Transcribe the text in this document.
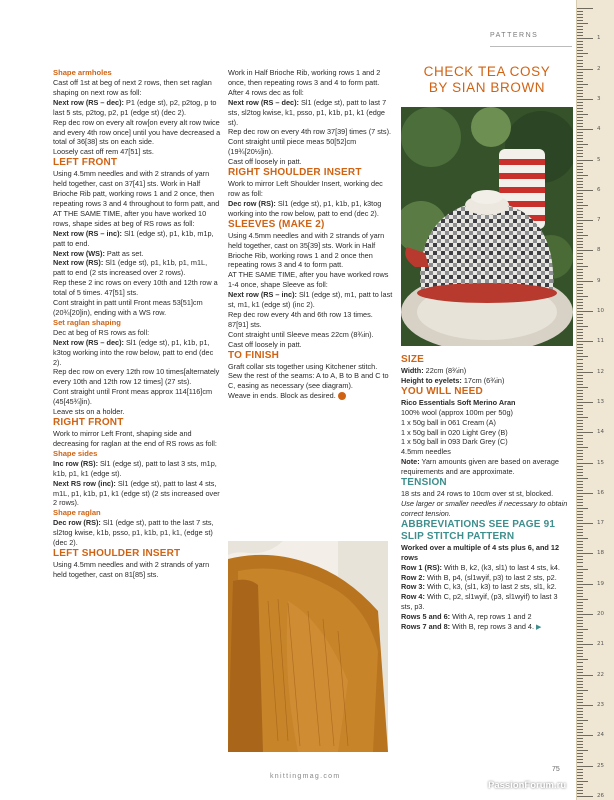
PATTERNS

Shape armholes

Cast off 1st at beg of next 2 rows, then set raglan shaping on next row as foll:

Next row (RS – dec): P1 (edge st), p2, p2tog, p to last 5 sts, p2tog, p2, p1 (edge st) (dec 2).

Rep dec row on every alt row[on every alt row twice and every 4th row once] until you have decreased a total of 36[38] sts on each side.

Loosely cast off rem 47[51] sts.

LEFT FRONT

Using 4.5mm needles and with 2 strands of yarn held together, cast on 37[41] sts. Work in Half Brioche Rib patt, working rows 1 and 2 once, then repeating rows 3 and 4 throughout to form patt, and AT THE SAME TIME, after you have worked 10 rows, shape sides at beg of RS rows as foll:

Next row (RS – inc): Sl1 (edge st), p1, k1b, m1p, patt to end.

Next row (WS): Patt as set.

Next row (RS): Sl1 (edge st), p1, k1b, p1, m1L, patt to end (2 sts increased over 2 rows).

Rep these 2 inc rows on every 10th and 12th row a total of 5 times. 47[51] sts.

Cont straight in patt until Front meas 53[51]cm (20¾[20]in), ending with a WS row.

Set raglan shaping

Dec at beg of RS rows as foll:

Next row (RS – dec): Sl1 (edge st), p1, k1b, p1, k3tog working into the row below, patt to end (dec 2).

Rep dec row on every 12th row 10 times[alternately every 10th and 12th row 12 times] (27 sts).

Cont straight until Front meas approx 114[116]cm (45[45¾]in).

Leave sts on a holder.

RIGHT FRONT

Work to mirror Left Front, shaping side and decreasing for raglan at the end of RS rows as foll:

Shape sides

Inc row (RS): Sl1 (edge st), patt to last 3 sts, m1p, k1b, p1, k1 (edge st).

Next RS row (inc): Sl1 (edge st), patt to last 4 sts, m1L, p1, k1b, p1, k1 (edge st) (2 sts increased over 2 rows).

Shape raglan

Dec row (RS): Sl1 (edge st), patt to the last 7 sts, sl2tog kwise, k1b, psso, p1, k1b, p1, k1, (edge st) (dec 2).

LEFT SHOULDER INSERT

Using 4.5mm needles and with 2 strands of yarn held together, cast on 81[85] sts.

Work in Half Brioche Rib, working rows 1 and 2 once, then repeating rows 3 and 4 to form patt.

After 4 rows dec as foll:

Next row (RS – dec): Sl1 (edge st), patt to last 7 sts, sl2tog kwise, k1, psso, p1, k1b, p1, k1 (edge st).

Rep dec row on every 4th row 37[39] times (7 sts).

Cont straight until piece meas 50[52]cm (19¾[20½]in).

Cast off loosely in patt.

RIGHT SHOULDER INSERT

Work to mirror Left Shoulder Insert, working dec row as foll:

Dec row (RS): Sl1 (edge st), p1, k1b, p1, k3tog working into the row below, patt to end (dec 2).

SLEEVES (MAKE 2)

Using 4.5mm needles and with 2 strands of yarn held together, cast on 35[39] sts. Work in Half Brioche Rib, working rows 1 and 2 once then repeating rows 3 and 4 to form patt.

AT THE SAME TIME, after you have worked rows 1-4 once, shape Sleeve as foll:

Next row (RS – inc): Sl1 (edge st), m1, patt to last st, m1, k1 (edge st) (inc 2).

Rep dec row every 4th and 6th row 13 times. 87[91] sts.

Cont straight until Sleeve meas 22cm (8¾in).

Cast off loosely in patt.

TO FINISH

Graft collar sts together using Kitchener stitch. Sew the rest of the seams: A to A, B to B and C to C, easing as necessary (see diagram).

Weave in ends. Block as desired.

CHECK TEA COSY
BY SIAN BROWN

SIZE

Width: 22cm (8¾in)

Height to eyelets: 17cm (6¾in)

YOU WILL NEED

Rico Essentials Soft Merino Aran

100% wool (approx 100m per 50g)

1 x 50g ball in 061 Cream (A)

1 x 50g ball in 020 Light Grey (B)

1 x 50g ball in 093 Dark Grey (C)

4.5mm needles

Note: Yarn amounts given are based on average requirements and are approximate.

TENSION

18 sts and 24 rows to 10cm over st st, blocked.

Use larger or smaller needles if necessary to obtain correct tension.

ABBREVIATIONS SEE PAGE 91

SLIP STITCH PATTERN

Worked over a multiple of 4 sts plus 6, and 12 rows

Row 1 (RS): With B, k2, (k3, sl1) to last 4 sts, k4.

Row 2: With B, p4, (sl1wyif, p3) to last 2 sts, p2.

Row 3: With C, k3, (sl1, k3) to last 2 sts, sl1, k2.

Row 4: With C, p2, sl1wyif, (p3, sl1wyif) to last 3 sts, p3.

Rows 5 and 6: With A, rep rows 1 and 2

Rows 7 and 8: With B, rep rows 3 and 4. ▶

1
2
3
4
5
6
7
8
9
10
11
12
13
14
15
16
17
18
19
20
21
22
23
24
25
26
knittingmag.com
75
PassionForum.ru
